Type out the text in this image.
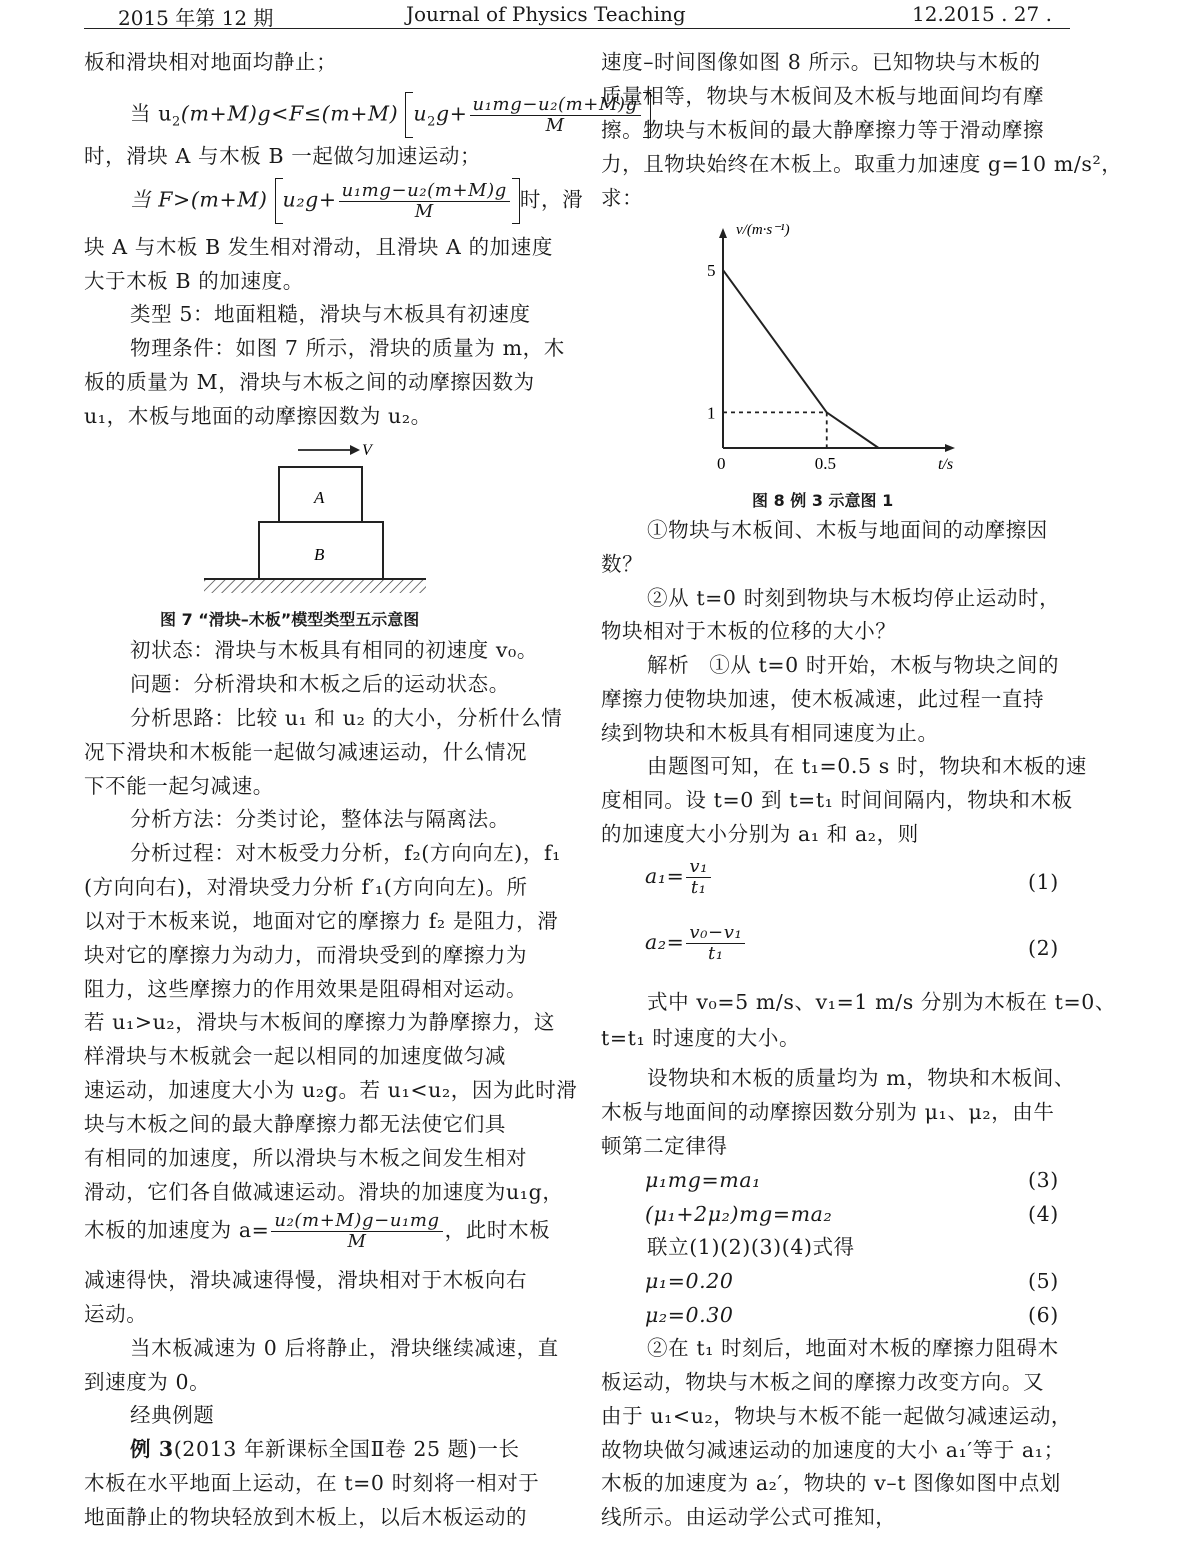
2015 年第 12 期	Journal of Physics Teaching	12.2015 . 27 .
板和滑块相对地面均静止；
当 $u_2(m+M)g<F\le(m+M)$ $u_2g+ \frac{\text{u₁mg−u₂(m+M)g}}{M}$
时，滑块 A 与木板 B 一起做匀加速运动；
当 F>(m+M) $u_2g+ \frac{\text{u₁mg−u₂(m+M)g}}{M}$ 时，滑
块 A 与木板 B 发生相对滑动，且滑块 A 的加速度
大于木板 B 的加速度。
类型 5：地面粗糙，滑块与木板具有初速度
物理条件：如图 7 所示，滑块的质量为 m，木
板的质量为 M，滑块与木板之间的动摩擦因数为
u₁，木板与地面的动摩擦因数为 u₂。
V
A
B
图 7 “滑块–木板”模型类型五示意图
初状态：滑块与木板具有相同的初速度 v₀。
问题：分析滑块和木板之后的运动状态。
分析思路：比较 u₁ 和 u₂ 的大小，分析什么情
况下滑块和木板能一起做匀减速运动，什么情况
下不能一起匀减速。
分析方法：分类讨论，整体法与隔离法。
分析过程：对木板受力分析，f₂(方向向左)，f₁
(方向向右)，对滑块受力分析 f′₁(方向向左)。所
以对于木板来说，地面对它的摩擦力 f₂ 是阻力，滑
块对它的摩擦力为动力，而滑块受到的摩擦力为
阻力，这些摩擦力的作用效果是阻碍相对运动。
若 u₁>u₂，滑块与木板间的摩擦力为静摩擦力，这
样滑块与木板就会一起以相同的加速度做匀减
速运动，加速度大小为 u₂g。若 u₁<u₂，因为此时滑
块与木板之间的最大静摩擦力都无法使它们具
有相同的加速度，所以滑块与木板之间发生相对
滑动，它们各自做减速运动。滑块的加速度为u₁g，
木板的加速度为 $a= \frac{\text{u₂(m+M)g−u₁mg}}{M}$ ，此时木板
减速得快，滑块减速得慢，滑块相对于木板向右
运动。
当木板减速为 0 后将静止，滑块继续减速，直
到速度为 0。
经典例题
例 3(2013 年新课标全国Ⅱ卷 25 题)一长
木板在水平地面上运动，在 t=0 时刻将一相对于
地面静止的物块轻放到木板上，以后木板运动的
速度–时间图像如图 8 所示。已知物块与木板的
质量相等，物块与木板间及木板与地面间均有摩
擦。物块与木板间的最大静摩擦力等于滑动摩擦
力，且物块始终在木板上。取重力加速度 g=10 m/s²，
求：
v/(m·s⁻¹)
t/s
1
5
0	0.5
图 8 例 3 示意图 1
①物块与木板间、木板与地面间的动摩擦因
数？
②从 t=0 时刻到物块与木板均停止运动时，
物块相对于木板的位移的大小？
解析 ①从 t=0 时开始，木板与物块之间的
摩擦力使物块加速，使木板减速，此过程一直持
续到物块和木板具有相同速度为止。
由题图可知，在 t₁=0.5 s 时，物块和木板的速
度相同。设 t=0 到 t=t₁ 时间间隔内，物块和木板
的加速度大小分别为 a₁ 和 a₂，则
$a_1= \frac{\text{v₁}}{\text{t₁}}$	(1)
$a_2= \frac{\text{v₀−v₁}}{\text{t₁}}$	(2)
式中 v₀=5 m/s、v₁=1 m/s 分别为木板在 t=0、
t=t₁ 时速度的大小。
设物块和木板的质量均为 m，物块和木板间、
木板与地面间的动摩擦因数分别为 μ₁、μ₂，由牛
顿第二定律得
μ₁mg=ma₁	(3)
(μ₁+2μ₂)mg=ma₂	(4)
联立(1)(2)(3)(4)式得
μ₁=0.20	(5)
μ₂=0.30	(6)
②在 t₁ 时刻后，地面对木板的摩擦力阻碍木
板运动，物块与木板之间的摩擦力改变方向。又
由于 u₁<u₂，物块与木板不能一起做匀减速运动，
故物块做匀减速运动的加速度的大小 a₁′等于 a₁；
木板的加速度为 a₂′，物块的 v–t 图像如图中点划
线所示。由运动学公式可推知，
